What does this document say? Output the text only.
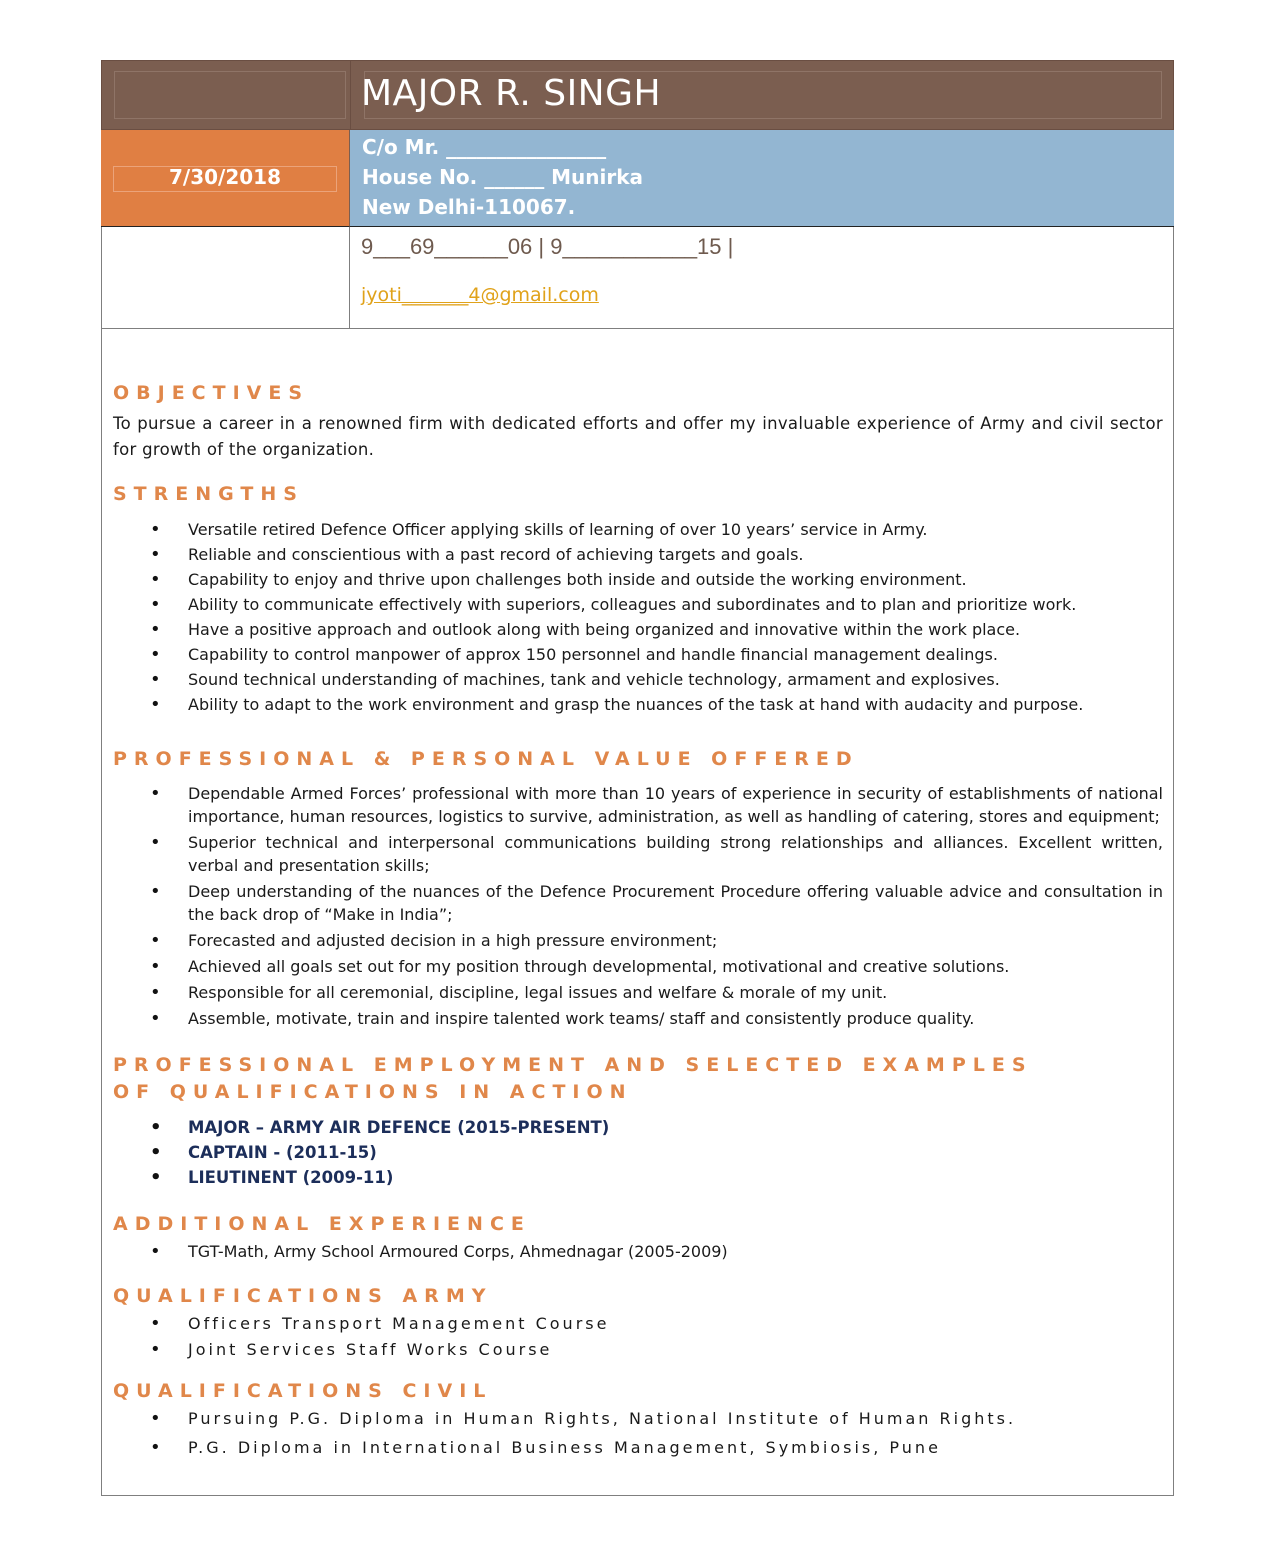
MAJOR R. SINGH
7/30/2018
C/o Mr. ________________
House No. ______ Munirka
New Delhi-110067.
9___69______06 | 9___________15 |
jyoti_______4@gmail.com
OBJECTIVES

To pursue a career in a renowned firm with dedicated efforts and offer my invaluable experience of Army and civil sector for growth of the organization.

STRENGTHS
• Versatile retired Defence Officer applying skills of learning of over 10 years’ service in Army.
• Reliable and conscientious with a past record of achieving targets and goals.
• Capability to enjoy and thrive upon challenges both inside and outside the working environment.
• Ability to communicate effectively with superiors, colleagues and subordinates and to plan and prioritize work.
• Have a positive approach and outlook along with being organized and innovative within the work place.
• Capability to control manpower of approx 150 personnel and handle financial management dealings.
• Sound technical understanding of machines, tank and vehicle technology, armament and explosives.
• Ability to adapt to the work environment and grasp the nuances of the task at hand with audacity and purpose.
PROFESSIONAL & PERSONAL VALUE OFFERED
• Dependable Armed Forces’ professional with more than 10 years of experience in security of establishments of national importance, human resources, logistics to survive, administration, as well as handling of catering, stores and equipment;
• Superior technical and interpersonal communications building strong relationships and alliances. Excellent written, verbal and presentation skills;
• Deep understanding of the nuances of the Defence Procurement Procedure offering valuable advice and consultation in the back drop of “Make in India”;
• Forecasted and adjusted decision in a high pressure environment;
• Achieved all goals set out for my position through developmental, motivational and creative solutions.
• Responsible for all ceremonial, discipline, legal issues and welfare & morale of my unit.
• Assemble, motivate, train and inspire talented work teams/ staff and consistently produce quality.
PROFESSIONAL EMPLOYMENT AND SELECTED EXAMPLES OF QUALIFICATIONS IN ACTION
• MAJOR – ARMY AIR DEFENCE (2015-PRESENT)
• CAPTAIN - (2011-15)
• LIEUTINENT (2009-11)
ADDITIONAL EXPERIENCE
• TGT-Math, Army School Armoured Corps, Ahmednagar (2005-2009)
QUALIFICATIONS ARMY
• Officers Transport Management Course
• Joint Services Staff Works Course
QUALIFICATIONS CIVIL
• Pursuing P.G. Diploma in Human Rights, National Institute of Human Rights.
• P.G. Diploma in International Business Management, Symbiosis, Pune
